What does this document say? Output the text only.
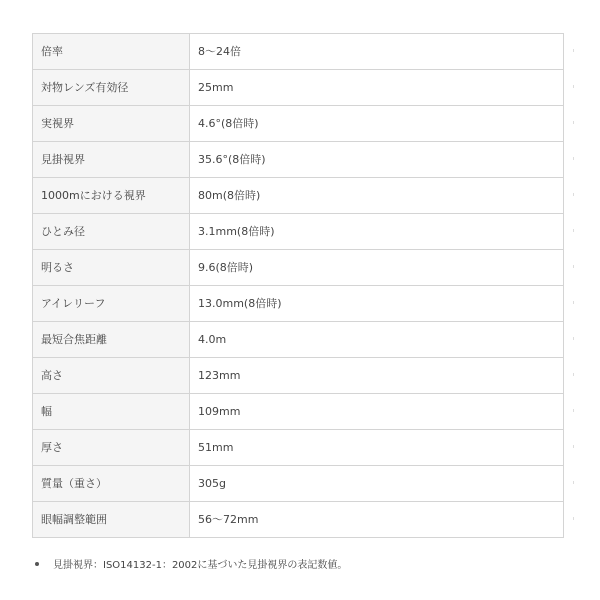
倍率	8〜24倍
対物レンズ有効径	25mm
実視界	4.6°(8倍時)
見掛視界	35.6°(8倍時)
1000mにおける視界	80m(8倍時)
ひとみ径	3.1mm(8倍時)
明るさ	9.6(8倍時)
アイレリーフ	13.0mm(8倍時)
最短合焦距離	4.0m
高さ	123mm
幅	109mm
厚さ	51mm
質量（重さ）	305g
眼幅調整範囲	56〜72mm
見掛視界：ISO14132-1：2002に基づいた見掛視界の表記数値。
